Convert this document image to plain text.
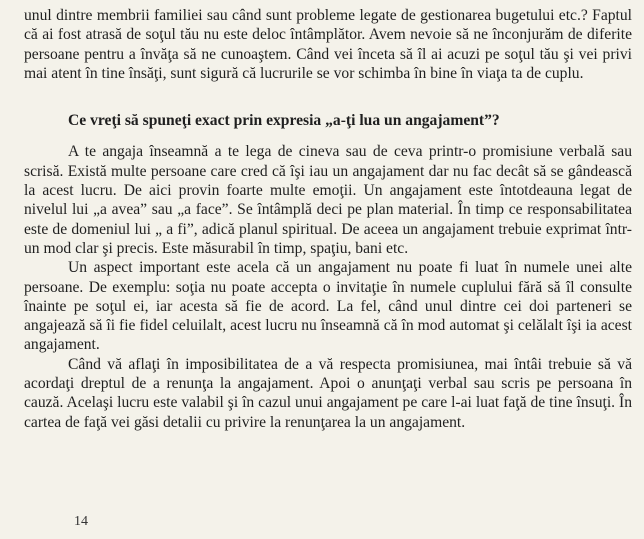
unul dintre membrii familiei sau când sunt probleme legate de gestionarea bugetului etc.? Faptul că ai fost atrasă de soţul tău nu este deloc întâmplător. Avem nevoie să ne înconjurăm de diferite persoane pentru a învăţa să ne cunoaştem. Când vei înceta să îl ai acuzi pe soţul tău şi vei privi mai atent în tine însăţi, sunt sigură că lucrurile se vor schimba în bine în viaţa ta de cuplu.

Ce vreţi să spuneţi exact prin expresia „a-ţi lua un angajament”?

A te angaja înseamnă a te lega de cineva sau de ceva printr-o promisiune verbală sau scrisă. Există multe persoane care cred că îşi iau un angajament dar nu fac decât să se gândească la acest lucru. De aici provin foarte multe emoţii. Un angajament este întotdeauna legat de nivelul lui „a avea” sau „a face”. Se întâmplă deci pe plan material. În timp ce responsabilitatea este de domeniul lui „ a fi”, adică planul spiritual. De aceea un angajament trebuie exprimat într-un mod clar şi precis. Este măsurabil în timp, spaţiu, bani etc.

Un aspect important este acela că un angajament nu poate fi luat în numele unei alte persoane. De exemplu: soţia nu poate accepta o invitaţie în numele cuplului fără să îl consulte înainte pe soţul ei, iar acesta să fie de acord. La fel, când unul dintre cei doi parteneri se angajează să îi fie fidel celuilalt, acest lucru nu înseamnă că în mod automat şi celălalt îşi ia acest angajament.

Când vă aflaţi în imposibilitatea de a vă respecta promisiunea, mai întâi trebuie să vă acordaţi dreptul de a renunţa la angajament. Apoi o anunţaţi verbal sau scris pe persoana în cauză. Acelaşi lucru este valabil şi în cazul unui angajament pe care l-ai luat faţă de tine însuţi. În cartea de faţă vei găsi detalii cu privire la renunţarea la un angajament.

14
